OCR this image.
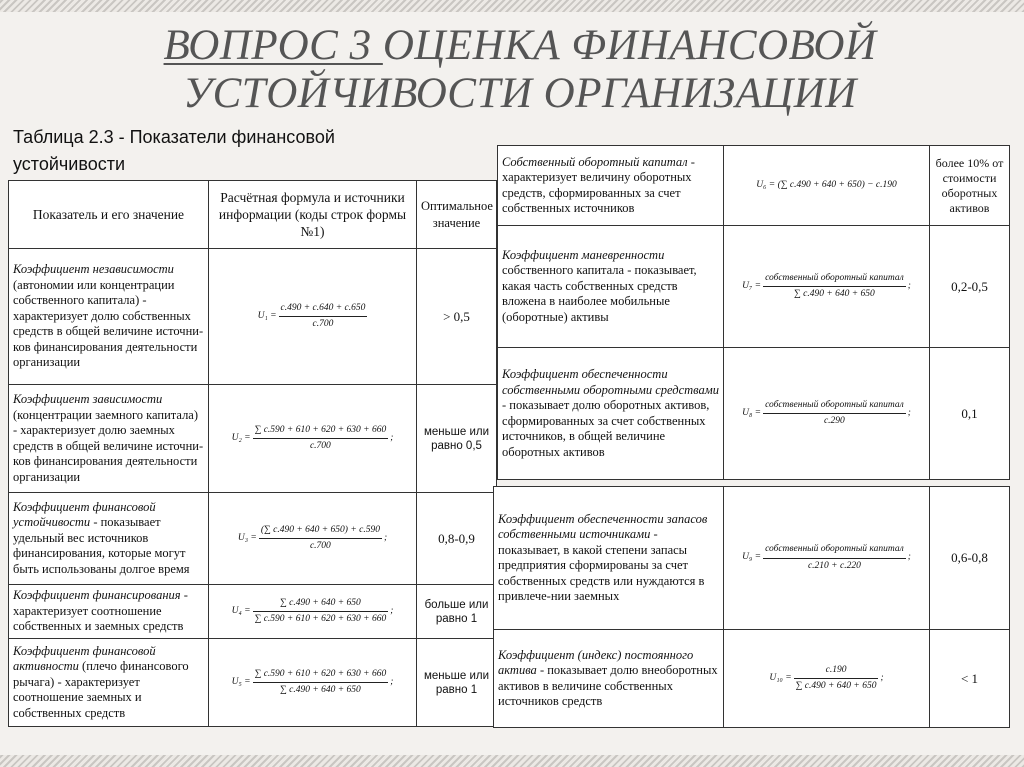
ВОПРОС 3 ОЦЕНКА ФИНАНСОВОЙ
УСТОЙЧИВОСТИ ОРГАНИЗАЦИИ
Таблица 2.3 - Показатели финансовой устойчивости
Показатель и его значение	Расчётная формула и источники информации (коды строк формы №1)	Оптимальное значение
Коэффициент независимости (автономии или концентрации собственного капитала) - характеризует долю собственных средств в общей величине источни-ков финансирования деятельности организации	$U_1 = \frac{с.490 + с.640 + с.650}{с.700}$	> 0,5
Коэффициент зависимости (концентрации заемного капитала) - характеризует долю заемных средств в общей величине источни-ков финансирования деятельности организации	$U_2 = \frac{\sum с.590 + 610 + 620 + 630 + 660}{с.700}$ ;	меньше или равно 0,5
Коэффициент финансовой устойчивости - показывает удельный вес источников финансирования, которые могут быть использованы долгое время	$U_3 = \frac{(\sum с.490 + 640 + 650) + с.590}{с.700}$ ;	0,8-0,9
Коэффициент финансирования - характеризует соотношение собственных и заемных средств	$U_4 = \frac{\sum с.490 + 640 + 650}{\sum с.590 + 610 + 620 + 630 + 660}$ ;	больше или равно 1
Коэффициент финансовой активности (плечо финансового рычага) - характеризует соотношение заемных и собственных средств	$U_5 = \frac{\sum с.590 + 610 + 620 + 630 + 660}{\sum с.490 + 640 + 650}$ ;	меньше или равно 1
Собственный оборотный капитал - характеризует величину оборотных средств, сформированных за счет собственных источников	U₆ = (∑ с.490 + 640 + 650) − с.190	более 10% от стоимости оборотных активов
Коэффициент маневренности собственного капитала - показывает, какая часть собственных средств вложена в наиболее мобильные (оборотные) активы	$U_7 = \frac{\text{собственный оборотный капитал}}{\sum с.490 + 640 + 650}$ ;	0,2-0,5
Коэффициент обеспеченности собственными оборотными средствами - показывает долю оборотных активов, сформированных за счет собственных источников, в общей величине оборотных активов	$U_8 = \frac{\text{собственный оборотный капитал}}{с.290}$ ;	0,1
Коэффициент обеспеченности запасов собственными источниками - показывает, в какой степени запасы предприятия сформированы за счет собственных средств или нуждаются в привлече-нии заемных	$U_9 = \frac{\text{собственный оборотный капитал}}{с.210 + с.220}$ ;	0,6-0,8
Коэффициент (индекс) постоянного актива - показывает долю внеоборотных активов в величине собственных источников средств	$U_{10} = \frac{с.190}{\sum с.490 + 640 + 650}$ ;	< 1
